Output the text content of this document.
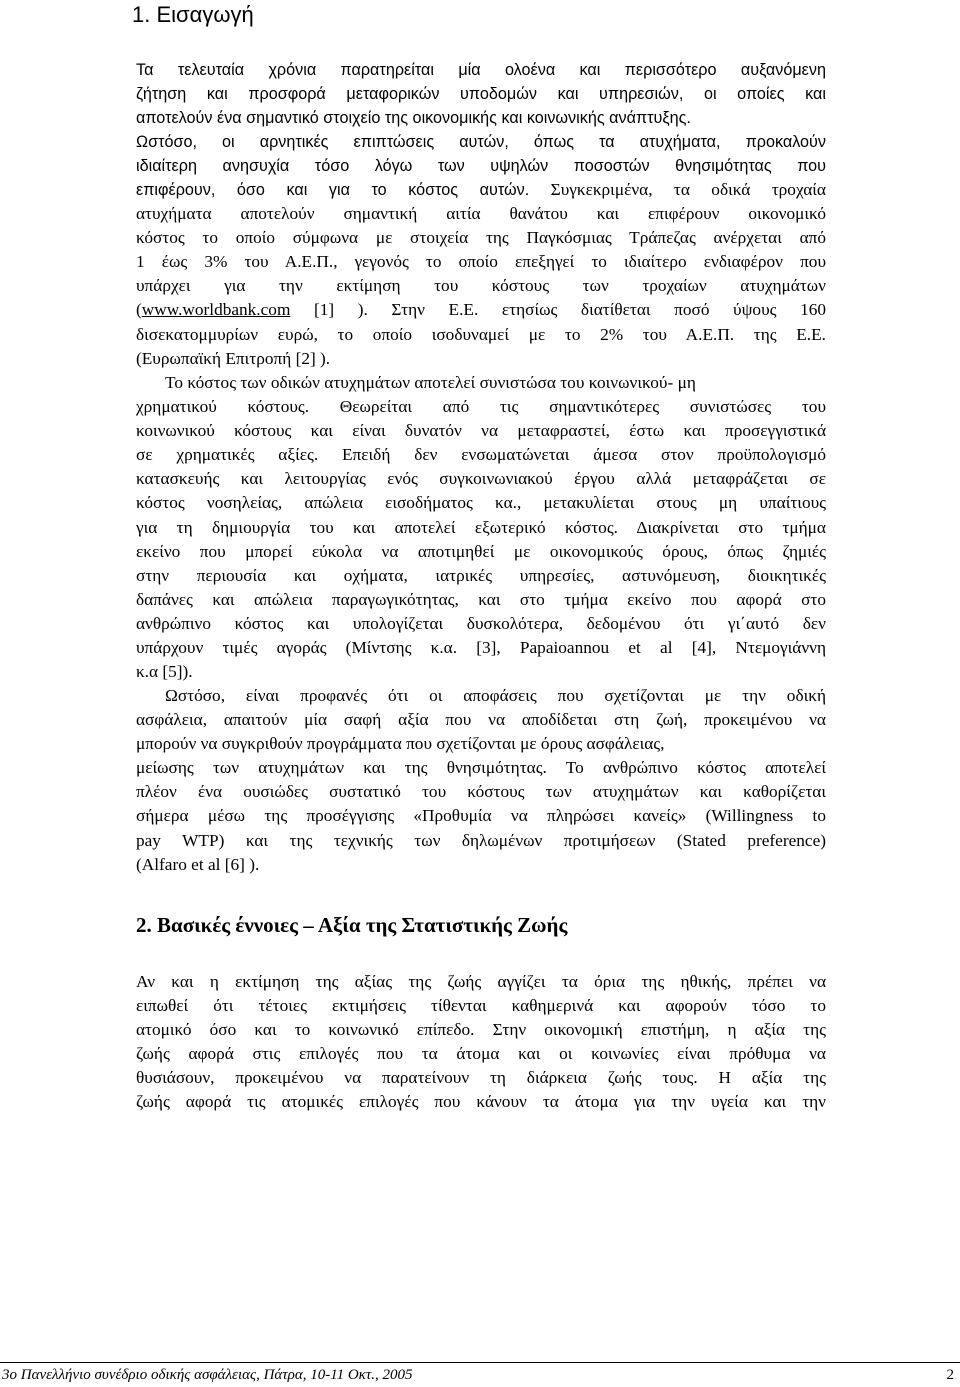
1. Εισαγωγή
Τα τελευταία χρόνια παρατηρείται μία ολοένα και περισσότερο αυξανόμενη
ζήτηση και προσφορά μεταφορικών υποδομών και υπηρεσιών, οι οποίες και
αποτελούν ένα σημαντικό στοιχείο της οικονομικής και κοινωνικής ανάπτυξης.
Ωστόσο, οι αρνητικές επιπτώσεις αυτών, όπως τα ατυχήματα, προκαλούν
ιδιαίτερη ανησυχία τόσο λόγω των υψηλών ποσοστών θνησιμότητας που
επιφέρουν, όσο και για το κόστος αυτών. Συγκεκριμένα, τα οδικά τροχαία
ατυχήματα αποτελούν σημαντική αιτία θανάτου και επιφέρουν οικονομικό
κόστος το οποίο σύμφωνα με στοιχεία της Παγκόσμιας Τράπεζας ανέρχεται από
1 έως 3% του Α.Ε.Π., γεγονός το οποίο επεξηγεί το ιδιαίτερο ενδιαφέρον που
υπάρχει για την εκτίμηση του κόστους των τροχαίων ατυχημάτων
(www.worldbank.com [1] ). Στην Ε.Ε. ετησίως διατίθεται ποσό ύψους 160
δισεκατομμυρίων ευρώ, το οποίο ισοδυναμεί με το 2% του Α.Ε.Π. της Ε.Ε.
(Ευρωπαϊκή Επιτροπή [2] ).
Το κόστος των οδικών ατυχημάτων αποτελεί συνιστώσα του κοινωνικού- μη
χρηματικού κόστους. Θεωρείται από τις σημαντικότερες συνιστώσες του
κοινωνικού κόστους και είναι δυνατόν να μεταφραστεί, έστω και προσεγγιστικά
σε χρηματικές αξίες. Επειδή δεν ενσωματώνεται άμεσα στον προϋπολογισμό
κατασκευής και λειτουργίας ενός συγκοινωνιακού έργου αλλά μεταφράζεται σε
κόστος νοσηλείας, απώλεια εισοδήματος κα., μετακυλίεται στους μη υπαίτιους
για τη δημιουργία του και αποτελεί εξωτερικό κόστος. Διακρίνεται στο τμήμα
εκείνο που μπορεί εύκολα να αποτιμηθεί με οικονομικούς όρους, όπως ζημιές
στην περιουσία και οχήματα, ιατρικές υπηρεσίες, αστυνόμευση, διοικητικές
δαπάνες και απώλεια παραγωγικότητας, και στο τμήμα εκείνο που αφορά στο
ανθρώπινο κόστος και υπολογίζεται δυσκολότερα, δεδομένου ότι γι΄αυτό δεν
υπάρχουν τιμές αγοράς (Μίντσης κ.α. [3], Papaioannou et al [4], Ντεμογιάννη
κ.α [5]).
Ωστόσο, είναι προφανές ότι οι αποφάσεις που σχετίζονται με την οδική
ασφάλεια, απαιτούν μία σαφή αξία που να αποδίδεται στη ζωή, προκειμένου να
μπορούν να συγκριθούν προγράμματα που σχετίζονται με όρους ασφάλειας,
μείωσης των ατυχημάτων και της θνησιμότητας. Το ανθρώπινο κόστος αποτελεί
πλέον ένα ουσιώδες συστατικό του κόστους των ατυχημάτων και καθορίζεται
σήμερα μέσω της προσέγγισης «Προθυμία να πληρώσει κανείς» (Willingness to
pay WTP) και της τεχνικής των δηλωμένων προτιμήσεων (Stated preference)
(Alfaro et al [6] ).
2. Βασικές έννοιες – Αξία της Στατιστικής Ζωής
Αν και η εκτίμηση της αξίας της ζωής αγγίζει τα όρια της ηθικής, πρέπει να
ειπωθεί ότι τέτοιες εκτιμήσεις τίθενται καθημερινά και αφορούν τόσο το
ατομικό όσο και το κοινωνικό επίπεδο. Στην οικονομική επιστήμη, η αξία της
ζωής αφορά στις επιλογές που τα άτομα και οι κοινωνίες είναι πρόθυμα να
θυσιάσουν, προκειμένου να παρατείνουν τη διάρκεια ζωής τους. Η αξία της
ζωής αφορά τις ατομικές επιλογές που κάνουν τα άτομα για την υγεία και την
3ο Πανελλήνιο συνέδριο οδικής ασφάλειας, Πάτρα, 10-11 Οκτ., 2005	2
